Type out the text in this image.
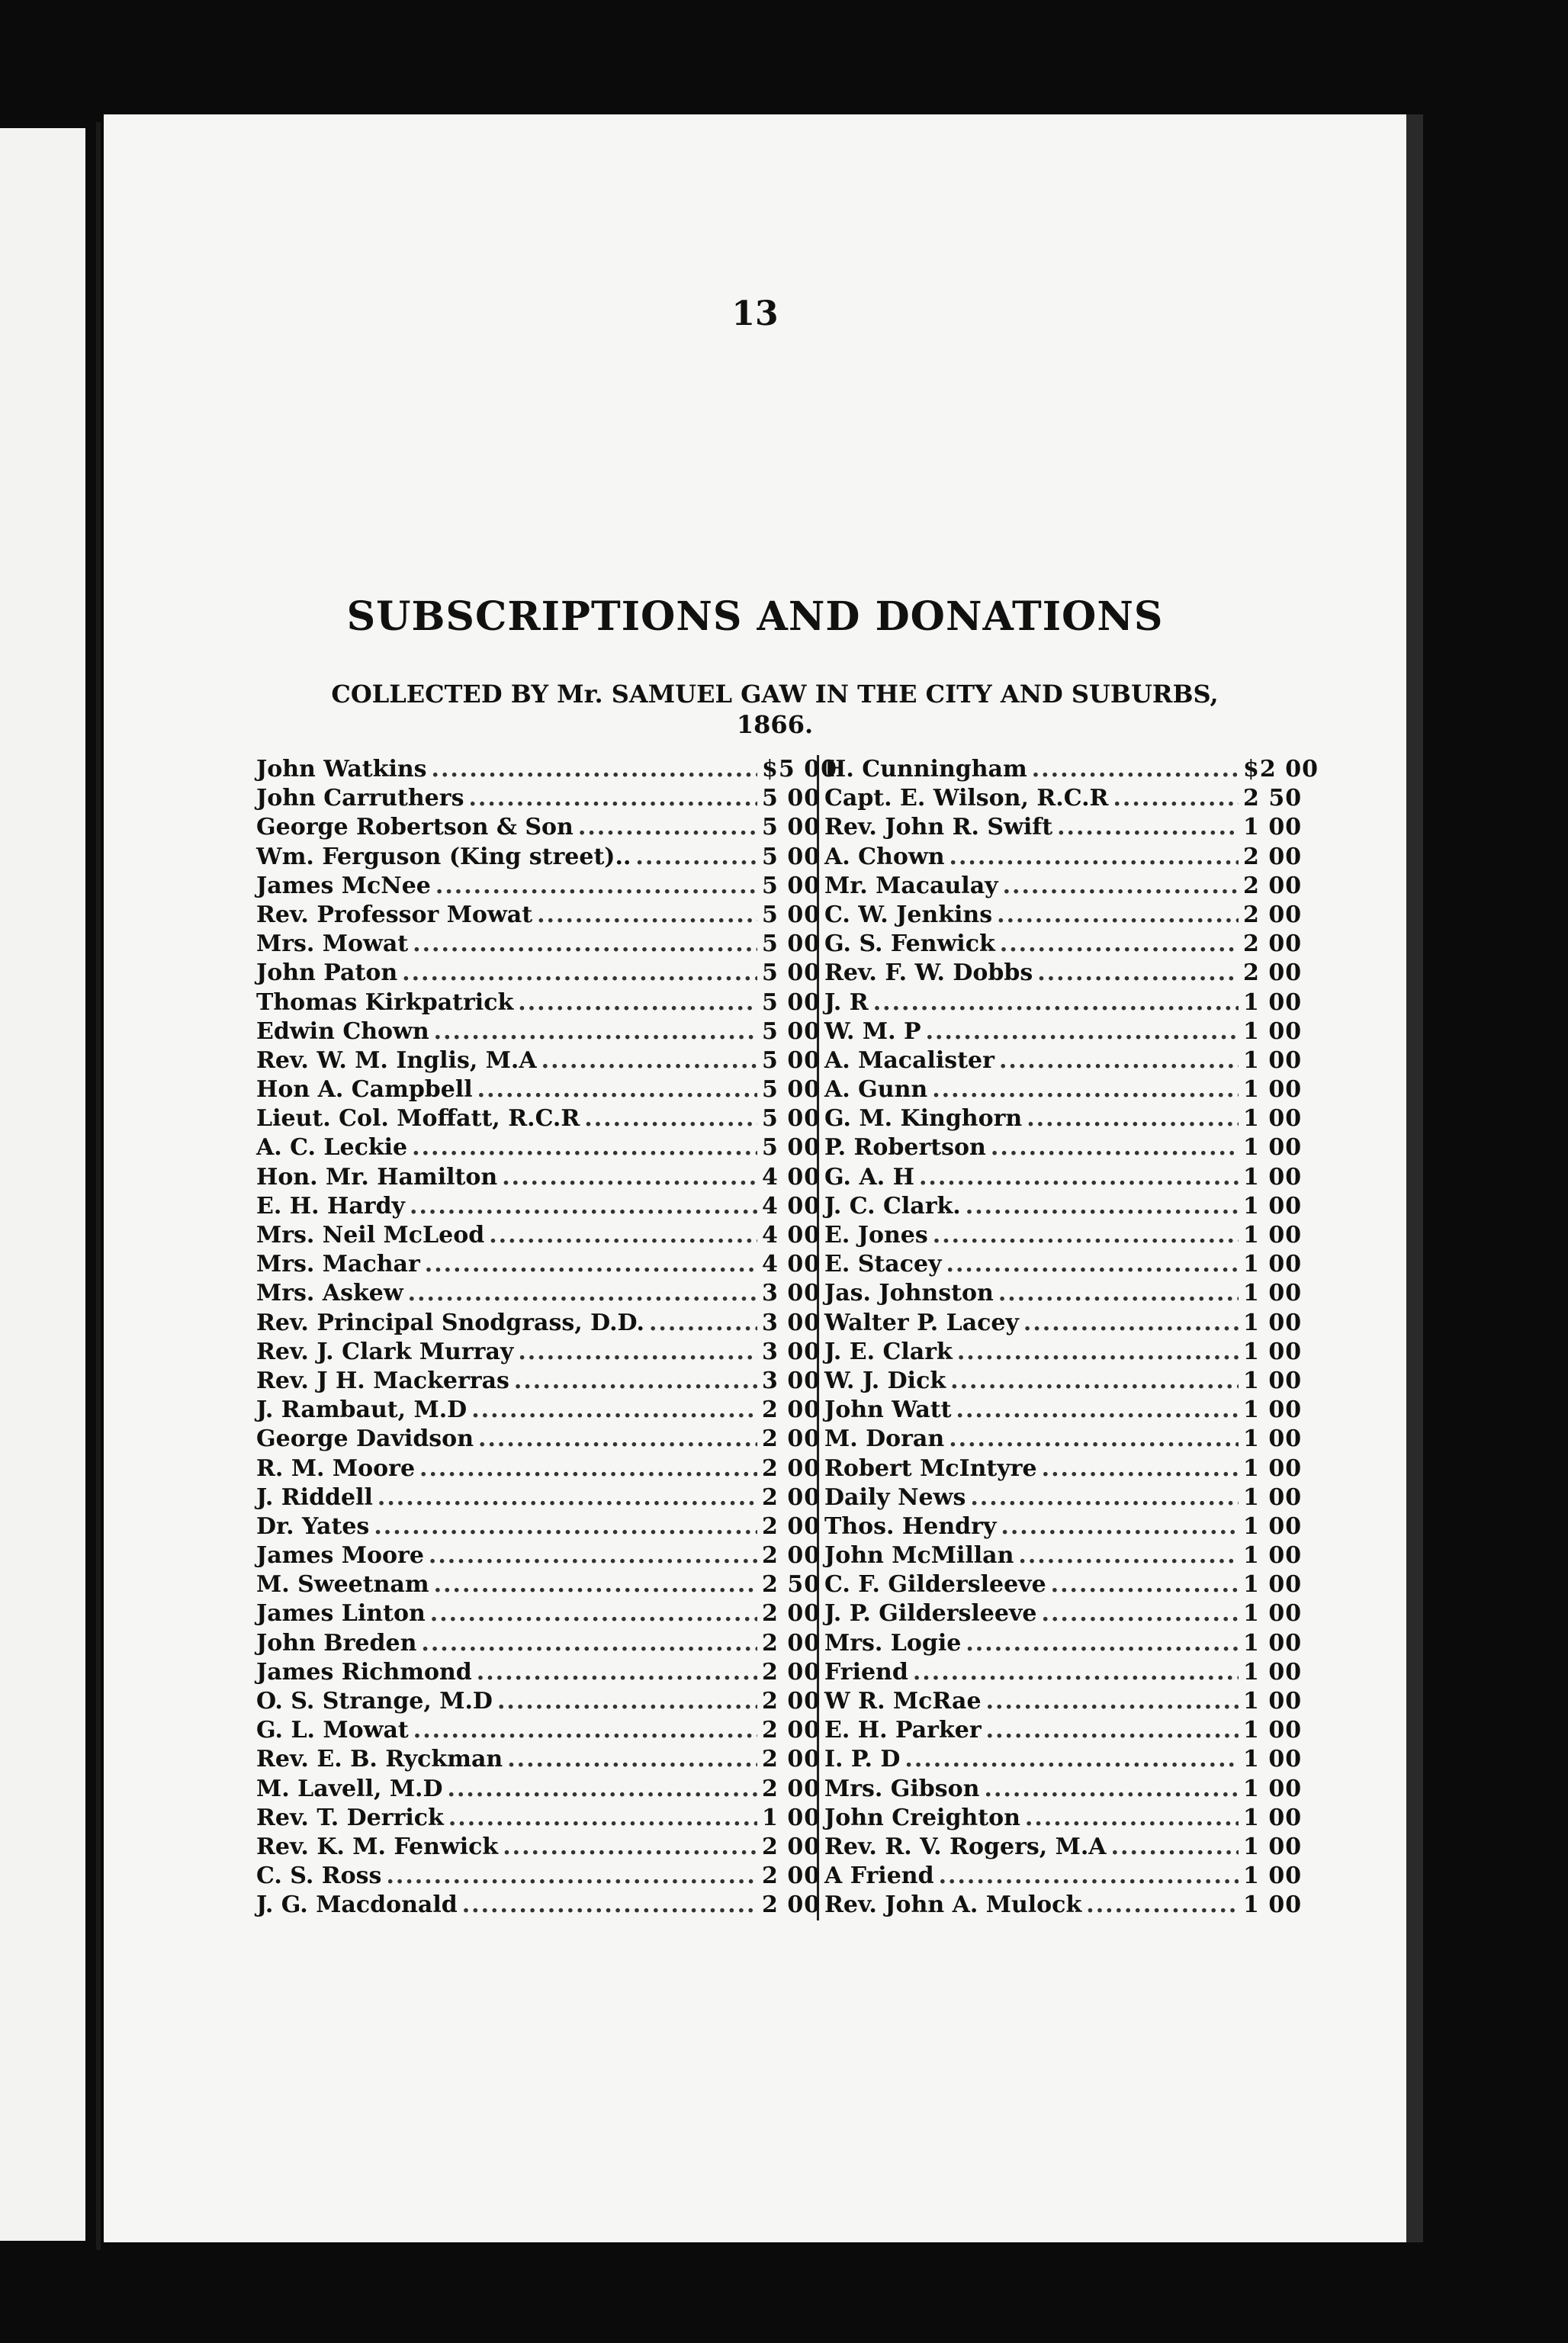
13
SUBSCRIPTIONS AND DONATIONS
COLLECTED BY Mr. SAMUEL GAW IN THE CITY AND SUBURBS,
1866.
John Watkins .....	$5 00
John Carruthers .....	5 00
George Robertson & Son .....	5 00
Wm. Ferguson (King street).. .....	5 00
James McNee .....	5 00
Rev. Professor Mowat .....	5 00
Mrs. Mowat .....	5 00
John Paton .....	5 00
Thomas Kirkpatrick .....	5 00
Edwin Chown .....	5 00
Rev. W. M. Inglis, M.A .....	5 00
Hon A. Campbell .....	5 00
Lieut. Col. Moffatt, R.C.R .....	5 00
A. C. Leckie .....	5 00
Hon. Mr. Hamilton .....	4 00
E. H. Hardy .....	4 00
Mrs. Neil McLeod .....	4 00
Mrs. Machar .....	4 00
Mrs. Askew .....	3 00
Rev. Principal Snodgrass, D.D. .....	3 00
Rev. J. Clark Murray .....	3 00
Rev. J H. Mackerras .....	3 00
J. Rambaut, M.D .....	2 00
George Davidson .....	2 00
R. M. Moore .....	2 00
J. Riddell .....	2 00
Dr. Yates .....	2 00
James Moore .....	2 00
M. Sweetnam .....	2 50
James Linton .....	2 00
John Breden .....	2 00
James Richmond .....	2 00
O. S. Strange, M.D .....	2 00
G. L. Mowat .....	2 00
Rev. E. B. Ryckman .....	2 00
M. Lavell, M.D .....	2 00
Rev. T. Derrick .....	1 00
Rev. K. M. Fenwick .....	2 00
C. S. Ross .....	2 00
J. G. Macdonald .....	2 00
H. Cunningham .....	$2 00
Capt. E. Wilson, R.C.R .....	2 50
Rev. John R. Swift .....	1 00
A. Chown .....	2 00
Mr. Macaulay .....	2 00
C. W. Jenkins .....	2 00
G. S. Fenwick .....	2 00
Rev. F. W. Dobbs .....	2 00
J. R .....	1 00
W. M. P .....	1 00
A. Macalister .....	1 00
A. Gunn .....	1 00
G. M. Kinghorn .....	1 00
P. Robertson .....	1 00
G. A. H .....	1 00
J. C. Clark. .....	1 00
E. Jones .....	1 00
E. Stacey .....	1 00
Jas. Johnston .....	1 00
Walter P. Lacey .....	1 00
J. E. Clark .....	1 00
W. J. Dick .....	1 00
John Watt .....	1 00
M. Doran .....	1 00
Robert McIntyre .....	1 00
Daily News .....	1 00
Thos. Hendry .....	1 00
John McMillan .....	1 00
C. F. Gildersleeve .....	1 00
J. P. Gildersleeve .....	1 00
Mrs. Logie .....	1 00
Friend .....	1 00
W R. McRae .....	1 00
E. H. Parker .....	1 00
I. P. D .....	1 00
Mrs. Gibson .....	1 00
John Creighton .....	1 00
Rev. R. V. Rogers, M.A .....	1 00
A Friend .....	1 00
Rev. John A. Mulock .....	1 00
